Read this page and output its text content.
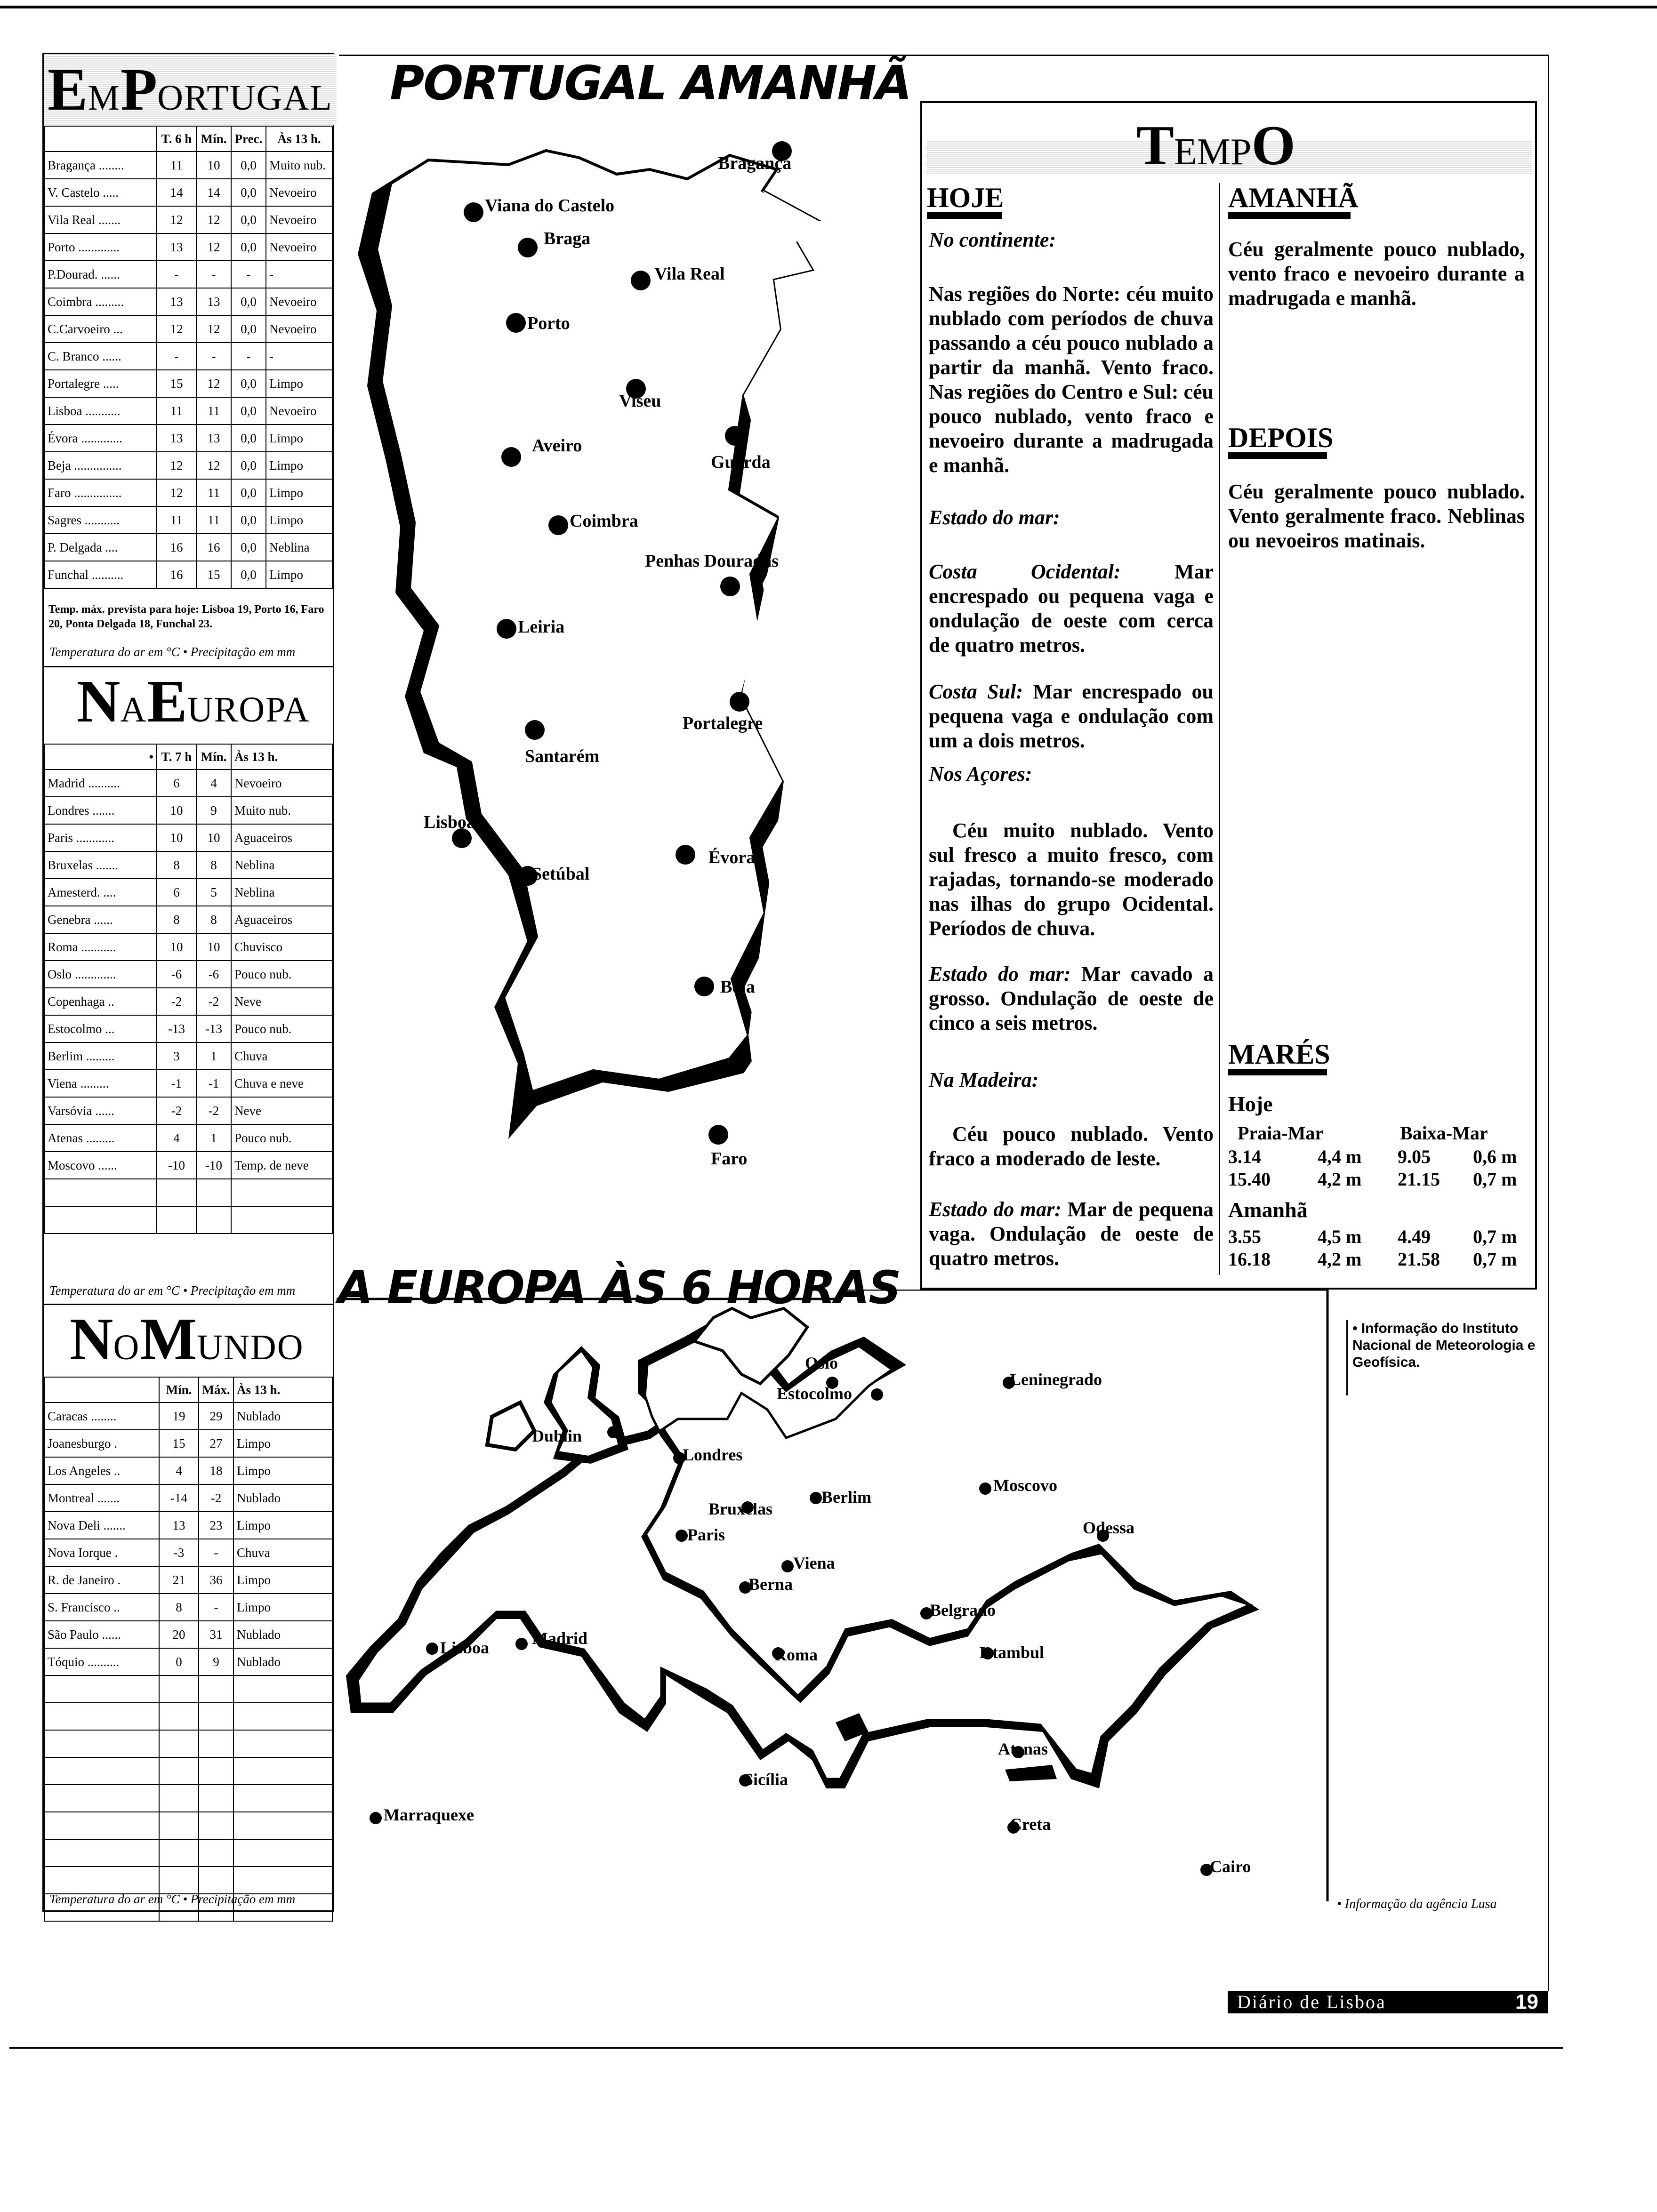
EMPORTUGAL
	T. 6 h	Mín.	Prec.	Às 13 h.
Bragança ........	11	10	0,0	Muito nub.
V. Castelo .....	14	14	0,0	Nevoeiro
Vila Real .......	12	12	0,0	Nevoeiro
Porto .............	13	12	0,0	Nevoeiro
P.Dourad. ......	-	-	-	-
Coimbra .........	13	13	0,0	Nevoeiro
C.Carvoeiro ...	12	12	0,0	Nevoeiro
C. Branco ......	-	-	-	-
Portalegre .....	15	12	0,0	Limpo
Lisboa ...........	11	11	0,0	Nevoeiro
Évora .............	13	13	0,0	Limpo
Beja ...............	12	12	0,0	Limpo
Faro ...............	12	11	0,0	Limpo
Sagres ...........	11	11	0,0	Limpo
P. Delgada ....	16	16	0,0	Neblina
Funchal ..........	16	15	0,0	Limpo
Temp. máx. prevista para hoje: Lisboa 19, Porto 16, Faro 20, Ponta Delgada 18, Funchal 23.
Temperatura do ar em °C • Precipitação em mm
NAEUROPA
•	T. 7 h	Mín.	Às 13 h.
Madrid ..........	6	4	Nevoeiro
Londres .......	10	9	Muito nub.
Paris ............	10	10	Aguaceiros
Bruxelas .......	8	8	Neblina
Amesterd. ....	6	5	Neblina
Genebra ......	8	8	Aguaceiros
Roma ...........	10	10	Chuvisco
Oslo .............	-6	-6	Pouco nub.
Copenhaga ..	-2	-2	Neve
Estocolmo ...	-13	-13	Pouco nub.
Berlim .........	3	1	Chuva
Viena .........	-1	-1	Chuva e neve
Varsóvia ......	-2	-2	Neve
Atenas .........	4	1	Pouco nub.
Moscovo ......	-10	-10	Temp. de neve

Temperatura do ar em °C • Precipitação em mm
NOMUNDO
	Mín.	Máx.	Às 13 h.
Caracas ........	19	29	Nublado
Joanesburgo .	15	27	Limpo
Los Angeles ..	4	18	Limpo
Montreal .......	-14	-2	Nublado
Nova Deli .......	13	23	Limpo
Nova Iorque .	-3	-	Chuva
R. de Janeiro .	21	36	Limpo
S. Francisco ..	8	-	Limpo
São Paulo ......	20	31	Nublado
Tóquio ..........	0	9	Nublado

Temperatura do ar em °C • Precipitação em mm
PORTUGAL AMANHÃ
Bragança
Viana do Castelo
Braga
Vila Real
Porto
Viseu
Guarda
Aveiro
Coimbra
Penhas Douradas
Leiria
Portalegre
Santarém
Lisboa
Setúbal
Évora
Beja
Faro
TEMPO
HOJE
No continente:
Nas regiões do Norte: céu muito nublado com períodos de chuva passando a céu pouco nublado a partir da manhã. Vento fraco. Nas regiões do Centro e Sul: céu pouco nublado, vento fraco e nevoeiro durante a madrugada e manhã.
Estado do mar:
Costa Ocidental:	Mar encrespado ou pequena vaga e ondulação de oeste com cerca de quatro metros.
Costa Sul: Mar encrespado ou pequena vaga e ondulação com um a dois metros.
Nos Açores:
Céu muito nublado. Vento sul fresco a muito fresco, com rajadas, tornando-se moderado nas ilhas do grupo Ocidental. Períodos de chuva.
Estado do mar: Mar cavado a grosso. Ondulação de oeste de cinco a seis metros.
Na Madeira:
Céu pouco nublado. Vento fraco a moderado de leste.
Estado do mar: Mar de pequena vaga. Ondulação de oeste de quatro metros.
AMANHÃ
Céu geralmente pouco nublado, vento fraco e nevoeiro durante a madrugada e manhã.
DEPOIS
Céu geralmente pouco nublado. Vento geralmente fraco. Neblinas ou nevoeiros matinais.
MARÉS
Hoje
Praia-Mar	Baixa-Mar
3.14	4,4 m 9.05 0,6 m
15.40	4,2 m 21.15 0,7 m
Amanhã
3.55	4,5 m 4.49 0,7 m
16.18	4,2 m 21.58 0,7 m
• Informação do Instituto Nacional de Meteorologia e Geofísica.
A EUROPA ÀS 6 HORAS
Oslo
Estocolmo
Leninegrado
Dublin
Londres
Bruxelas
Berlim
Moscovo
Paris
Viena
Odessa
Berna
Belgrado
Lisboa	Madrid
Roma	Istambul
Atenas
Sicília
Marraquexe	Creta
Cairo
• Informação da agência Lusa
Diário de Lisboa	19
